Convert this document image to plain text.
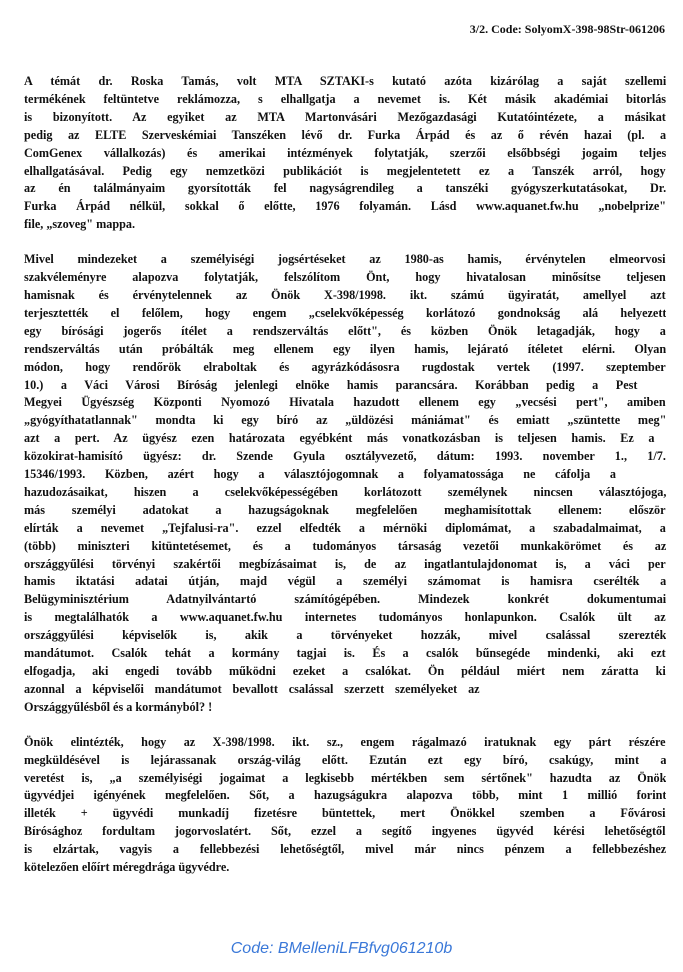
3/2. Code: SolyomX-398-98Str-061206
A témát dr. Roska Tamás, volt MTA SZTAKI-s kutató azóta kizárólag a saját szellemi
termékének feltüntetve reklámozza, s elhallgatja a nevemet is. Két másik akadémiai bitorlás
is bizonyított. Az egyiket az MTA Martonvásári Mezőgazdasági Kutatóintézete, a másikat
pedig az ELTE Szerveskémiai Tanszéken lévő dr. Furka Árpád és az ő révén hazai (pl. a
ComGenex vállalkozás) és amerikai intézmények folytatják, szerzői elsőbbségi jogaim teljes
elhallgatásával. Pedig egy nemzetközi publikációt is megjelentetett ez a Tanszék arról, hogy
az én találmányaim gyorsították fel nagyságrendileg a tanszéki gyógyszerkutatásokat, Dr.
Furka Árpád nélkül, sokkal ő előtte, 1976 folyamán. Lásd www.aquanet.fw.hu „nobelprize"
file, „szoveg" mappa.
Mivel mindezeket a személyiségi jogsértéseket az 1980-as hamis, érvénytelen elmeorvosi
szakvéleményre alapozva folytatják, felszólítom Önt, hogy hivatalosan minősítse teljesen
hamisnak és érvénytelennek az Önök X-398/1998. ikt. számú ügyiratát, amellyel azt
terjesztették el felőlem, hogy engem „cselekvőképesség korlátozó gondnokság alá helyezett
egy bírósági jogerős ítélet a rendszerváltás előtt", és közben Önök letagadják, hogy a
rendszerváltás után próbálták meg ellenem egy ilyen hamis, lejárató ítéletet elérni. Olyan
módon, hogy rendőrök elraboltak és agyrázkódásosra rugdostak vertek (1997. szeptember
10.) a Váci Városi Bíróság jelenlegi elnöke hamis parancsára. Korábban pedig a Pest
Megyei Ügyészség Központi Nyomozó Hivatala hazudott ellenem egy „vecsési pert", amiben
„gyógyíthatatlannak" mondta ki egy bíró az „üldözési mániámat" és emiatt „szüntette meg"
azt a pert. Az ügyész ezen határozata egyébként más vonatkozásban is teljesen hamis. Ez a
közokirat-hamisító ügyész: dr. Szende Gyula osztályvezető, dátum: 1993. november 1., 1/7.
15346/1993. Közben, azért hogy a választójogomnak a folyamatossága ne cáfolja a
hazudozásaikat, hiszen a cselekvőképességében korlátozott személynek nincsen választójoga,
más személyi adatokat a hazugságoknak megfelelően meghamisítottak ellenem: először
elírták a nevemet „Tejfalusi-ra". ezzel elfedték a mérnöki diplomámat, a szabadalmaimat, a
(több) miniszteri kitüntetésemet, és a tudományos társaság vezetői munkakörömet és az
országgyűlési törvényi szakértői megbízásaimat is, de az ingatlantulajdonomat is, a váci per
hamis iktatási adatai útján, majd végül a személyi számomat is hamisra cserélték a
Belügyminisztérium Adatnyilvántartó számítógépében. Mindezek konkrét dokumentumai
is megtalálhatók a www.aquanet.fw.hu internetes tudományos honlapunkon. Csalók ült az
országgyűlési képviselők is, akik a törvényeket hozzák, mivel csalással szerezték
mandátumot. Csalók tehát a kormány tagjai is. És a csalók bűnsegéde mindenki, aki ezt
elfogadja, aki engedi tovább működni ezeket a csalókat. Ön például miért nem záratta ki
azonnal a képviselői mandátumot bevallott csalással szerzett személyeket az
Országgyűlésből és a kormányból? !
Önök elintézték, hogy az X-398/1998. ikt. sz., engem rágalmazó iratuknak egy párt részére
megküldésével is lejárassanak ország-világ előtt. Ezután ezt egy bíró, csakúgy, mint a
veretést is, „a személyiségi jogaimat a legkisebb mértékben sem sértőnek" hazudta az Önök
ügyvédjei igényének megfelelően. Sőt, a hazugságukra alapozva több, mint 1 millió forint
illeték + ügyvédi munkadíj fizetésre büntettek, mert Önökkel szemben a Fővárosi
Bírósághoz fordultam jogorvoslatért. Sőt, ezzel a segítő ingyenes ügyvéd kérési lehetőségtől
is elzártak, vagyis a fellebbezési lehetőségtől, mivel már nincs pénzem a fellebbezéshez
kötelezően előírt méregdrága ügyvédre.
Code: BMelleniLFBfvg061210b
